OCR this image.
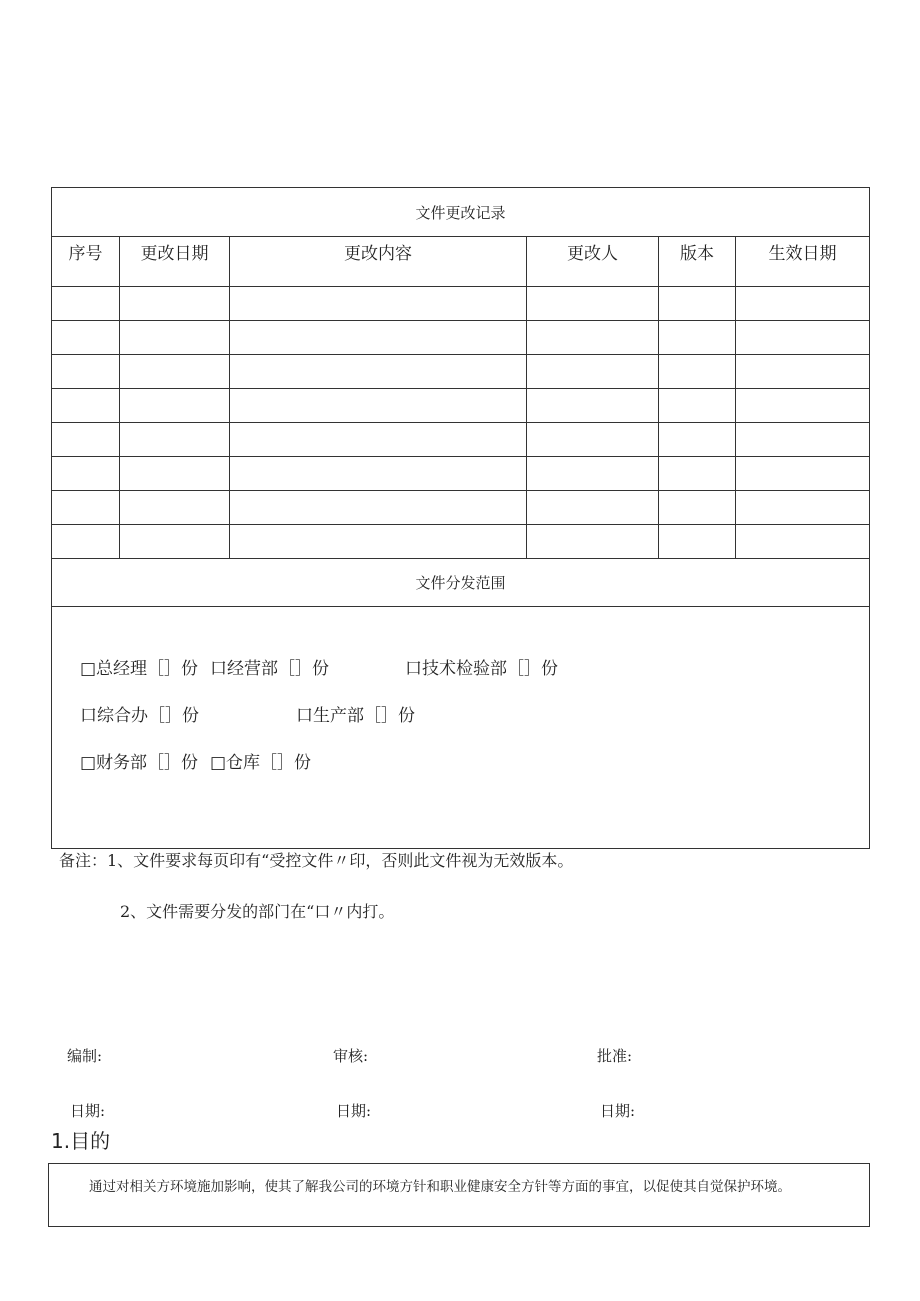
文件更改记录					
序号	更改日期	更改内容	更改人	版本	生效日期

文件分发范围					

□总经理［］份 口经营部［］份	口技术检验部［］份
口综合办［］份	口生产部［］份
□财务部［］份 □仓库［］份
备注：1、文件要求每页印有“受控文件〃印，否则此文件视为无效版本。
2、文件需要分发的部门在“口〃内打。
编制:	审核:	批准:
日期:	日期:	日期:
1.目的
通过对相关方环境施加影响，使其了解我公司的环境方针和职业健康安全方针等方面的事宜，以促使其自觉保护环境。
